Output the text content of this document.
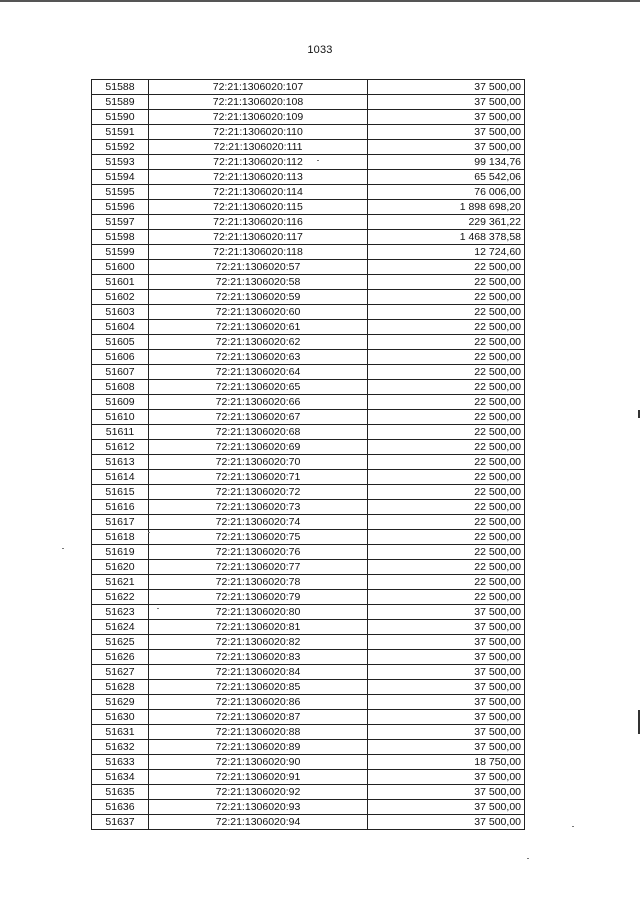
1033
51588	72:21:1306020:107	37 500,00
51589	72:21:1306020:108	37 500,00
51590	72:21:1306020:109	37 500,00
51591	72:21:1306020:110	37 500,00
51592	72:21:1306020:111	37 500,00
51593	72:21:1306020:112	99 134,76
51594	72:21:1306020:113	65 542,06
51595	72:21:1306020:114	76 006,00
51596	72:21:1306020:115	1 898 698,20
51597	72:21:1306020:116	229 361,22
51598	72:21:1306020:117	1 468 378,58
51599	72:21:1306020:118	12 724,60
51600	72:21:1306020:57	22 500,00
51601	72:21:1306020:58	22 500,00
51602	72:21:1306020:59	22 500,00
51603	72:21:1306020:60	22 500,00
51604	72:21:1306020:61	22 500,00
51605	72:21:1306020:62	22 500,00
51606	72:21:1306020:63	22 500,00
51607	72:21:1306020:64	22 500,00
51608	72:21:1306020:65	22 500,00
51609	72:21:1306020:66	22 500,00
51610	72:21:1306020:67	22 500,00
51611	72:21:1306020:68	22 500,00
51612	72:21:1306020:69	22 500,00
51613	72:21:1306020:70	22 500,00
51614	72:21:1306020:71	22 500,00
51615	72:21:1306020:72	22 500,00
51616	72:21:1306020:73	22 500,00
51617	72:21:1306020:74	22 500,00
51618	72:21:1306020:75	22 500,00
51619	72:21:1306020:76	22 500,00
51620	72:21:1306020:77	22 500,00
51621	72:21:1306020:78	22 500,00
51622	72:21:1306020:79	22 500,00
51623	72:21:1306020:80	37 500,00
51624	72:21:1306020:81	37 500,00
51625	72:21:1306020:82	37 500,00
51626	72:21:1306020:83	37 500,00
51627	72:21:1306020:84	37 500,00
51628	72:21:1306020:85	37 500,00
51629	72:21:1306020:86	37 500,00
51630	72:21:1306020:87	37 500,00
51631	72:21:1306020:88	37 500,00
51632	72:21:1306020:89	37 500,00
51633	72:21:1306020:90	18 750,00
51634	72:21:1306020:91	37 500,00
51635	72:21:1306020:92	37 500,00
51636	72:21:1306020:93	37 500,00
51637	72:21:1306020:94	37 500,00
